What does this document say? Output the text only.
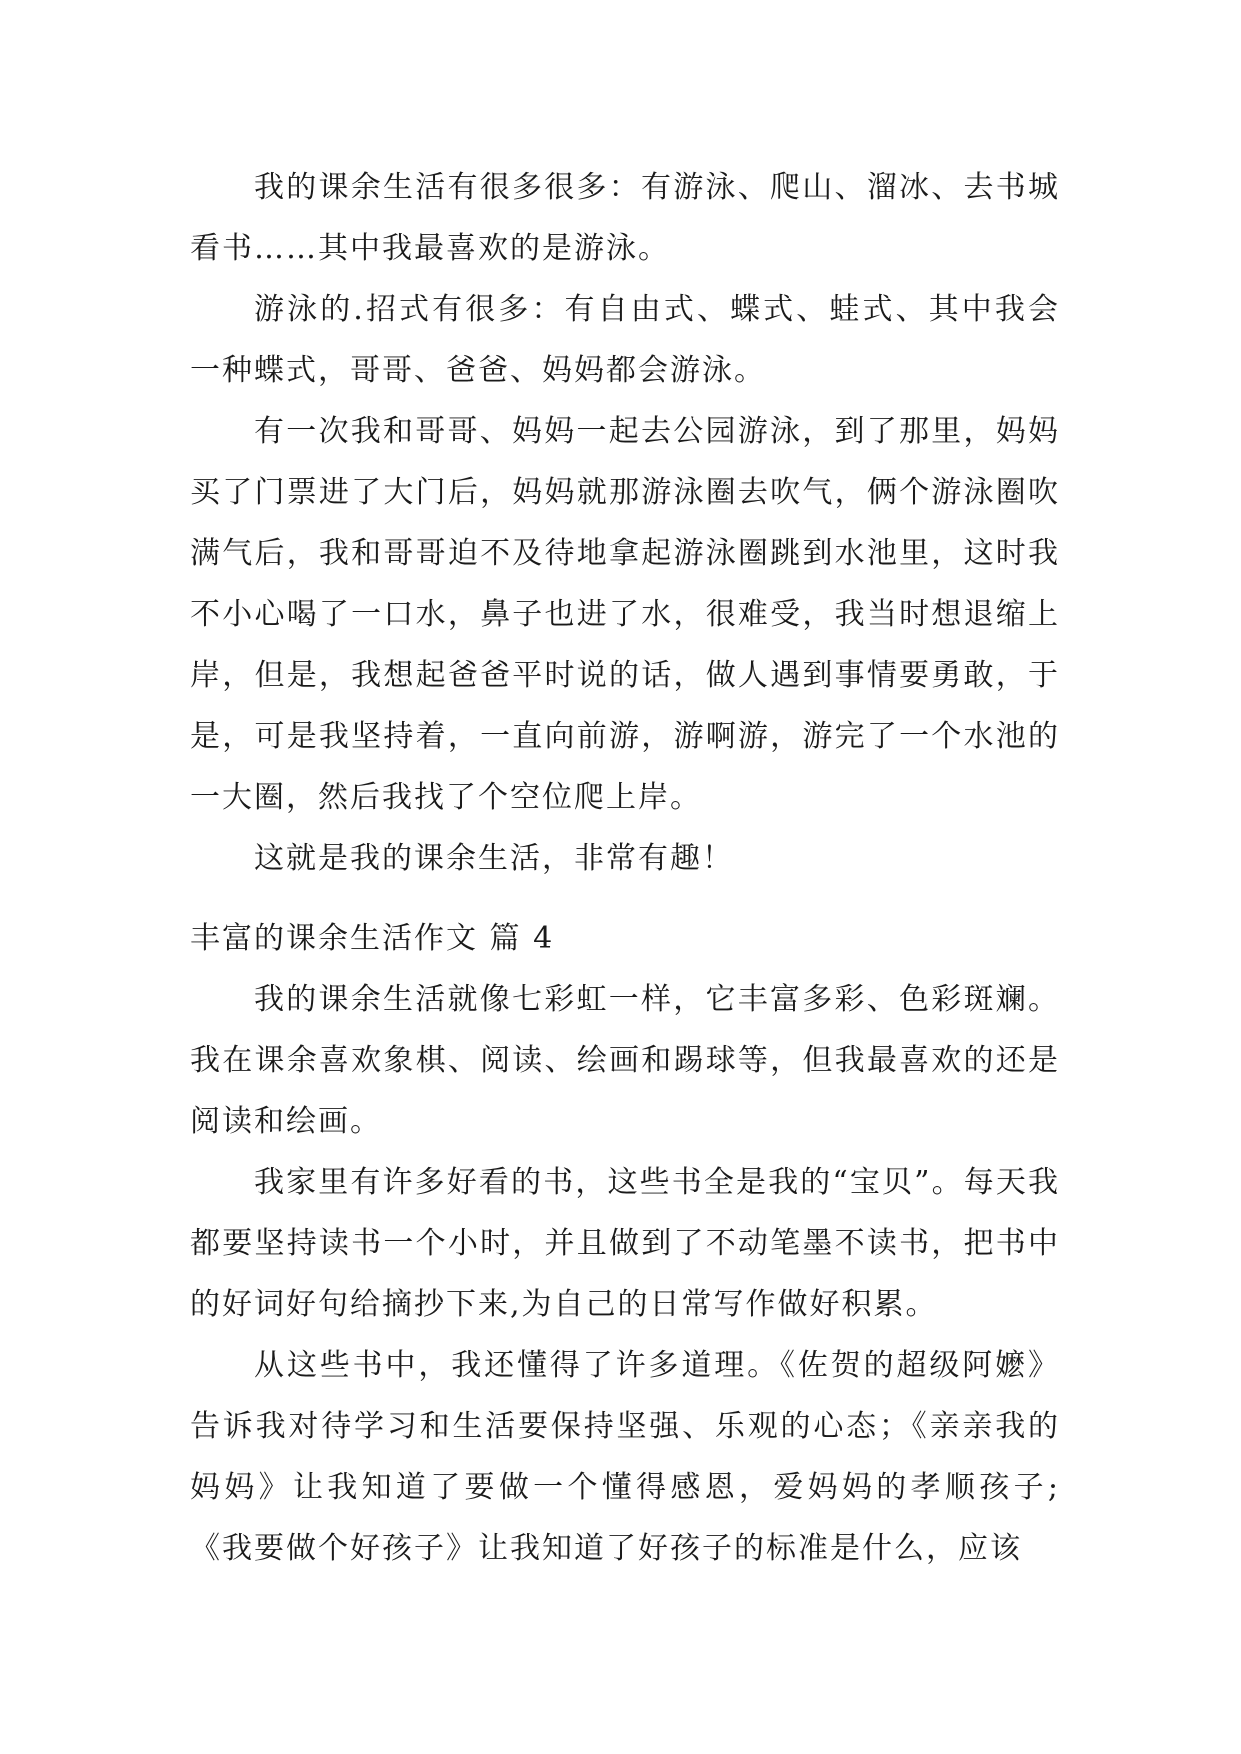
我的课余生活有很多很多：有游泳、爬山、溜冰、去书城看书……其中我最喜欢的是游泳。

游泳的.招式有很多：有自由式、蝶式、蛙式、其中我会一种蝶式，哥哥、爸爸、妈妈都会游泳。

有一次我和哥哥、妈妈一起去公园游泳，到了那里，妈妈买了门票进了大门后，妈妈就那游泳圈去吹气，俩个游泳圈吹满气后，我和哥哥迫不及待地拿起游泳圈跳到水池里，这时我不小心喝了一口水，鼻子也进了水，很难受，我当时想退缩上岸，但是，我想起爸爸平时说的话，做人遇到事情要勇敢，于是，可是我坚持着，一直向前游，游啊游，游完了一个水池的一大圈，然后我找了个空位爬上岸。

这就是我的课余生活，非常有趣！

丰富的课余生活作文 篇 4

我的课余生活就像七彩虹一样，它丰富多彩、色彩斑斓。我在课余喜欢象棋、阅读、绘画和踢球等，但我最喜欢的还是阅读和绘画。

我家里有许多好看的书，这些书全是我的“宝贝”。每天我都要坚持读书一个小时，并且做到了不动笔墨不读书，把书中的好词好句给摘抄下来,为自己的日常写作做好积累。

从这些书中，我还懂得了许多道理。《佐贺的超级阿嬷》告诉我对待学习和生活要保持坚强、乐观的心态；《亲亲我的妈妈》让我知道了要做一个懂得感恩，爱妈妈的孝顺孩子;《我要做个好孩子》让我知道了好孩子的标准是什么，应该
